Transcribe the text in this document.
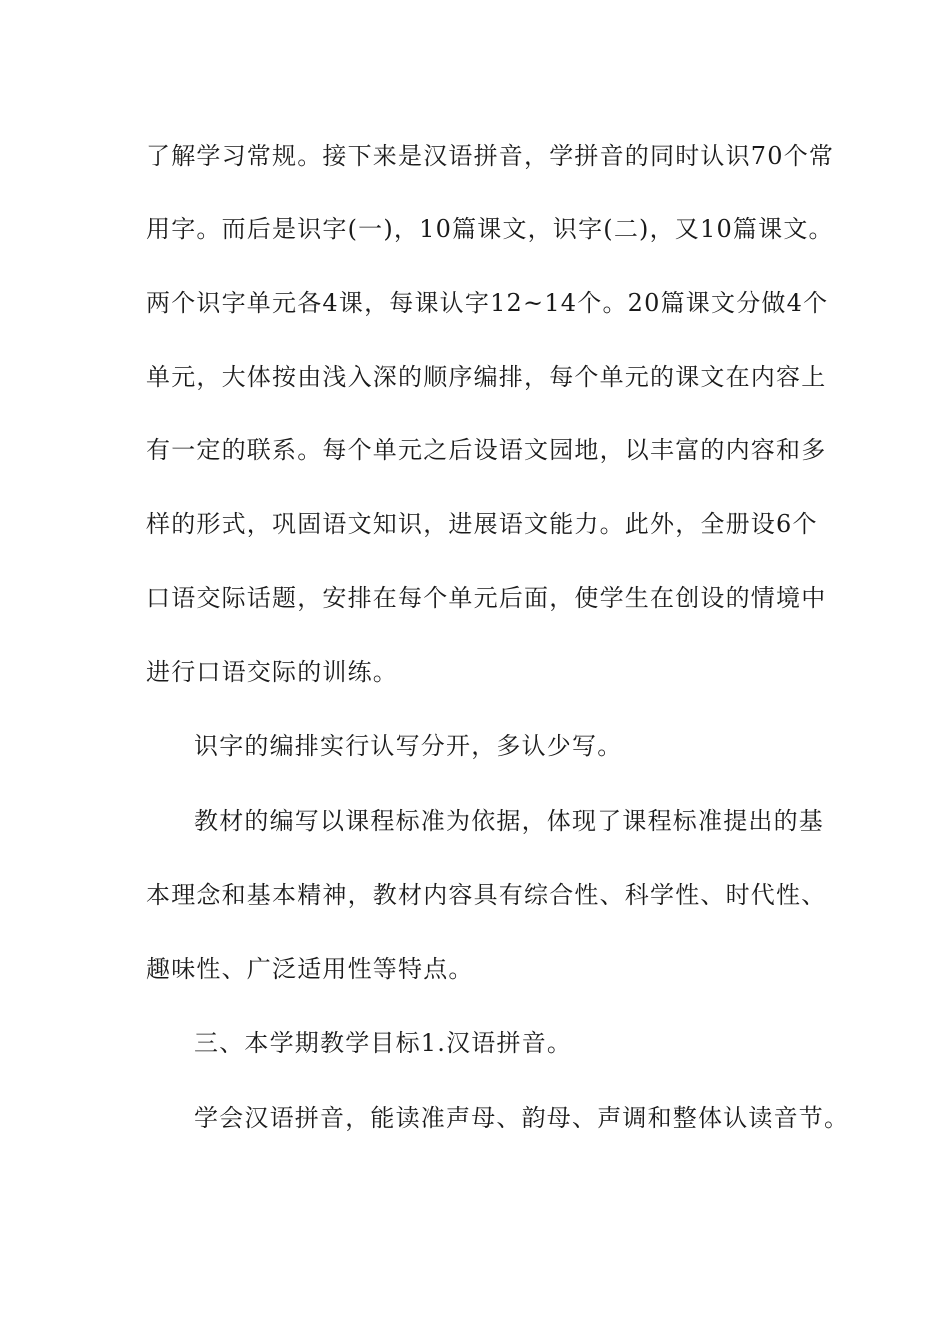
了解学习常规。接下来是汉语拼音，学拼音的同时认识70个常
用字。而后是识字(一)，10篇课文，识字(二)，又10篇课文。
两个识字单元各4课，每课认字12~14个。20篇课文分做4个
单元，大体按由浅入深的顺序编排，每个单元的课文在内容上
有一定的联系。每个单元之后设语文园地，以丰富的内容和多
样的形式，巩固语文知识，进展语文能力。此外，全册设6个
口语交际话题，安排在每个单元后面，使学生在创设的情境中
进行口语交际的训练。
识字的编排实行认写分开，多认少写。
教材的编写以课程标准为依据，体现了课程标准提出的基
本理念和基本精神，教材内容具有综合性、科学性、时代性、
趣味性、广泛适用性等特点。
三、本学期教学目标1.汉语拼音。
学会汉语拼音，能读准声母、韵母、声调和整体认读音节。
